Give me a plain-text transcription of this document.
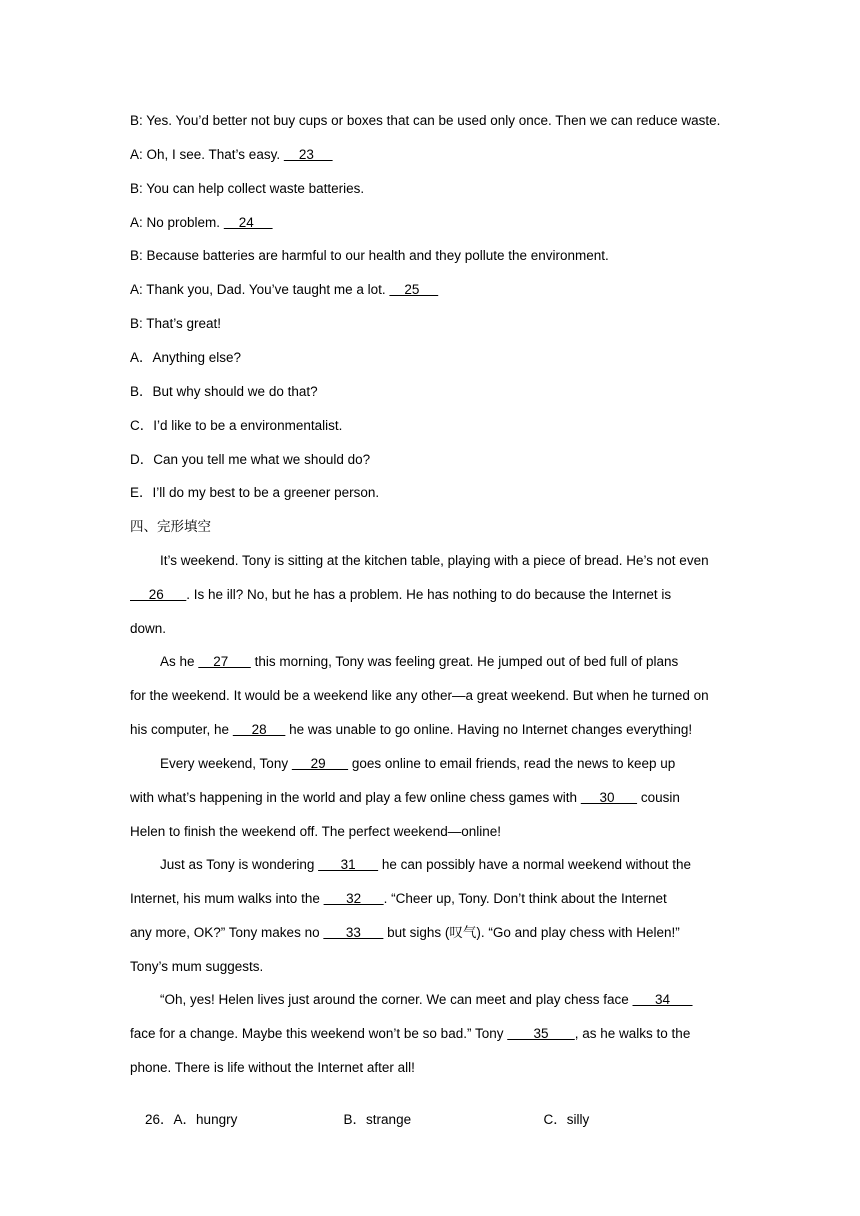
B: Yes. You’d better not buy cups or boxes that can be used only once. Then we can reduce waste.
A: Oh, I see. That’s easy.     23
B: You can help collect waste batteries.
A: No problem.     24
B: Because batteries are harmful to our health and they pollute the environment.
A: Thank you, Dad. You’ve taught me a lot.     25
B: That’s great!
A．Anything else?
B．But why should we do that?
C．I’d like to be a environmentalist.
D．Can you tell me what we should do?
E．I’ll do my best to be a greener person.
四、完形填空
It’s weekend. Tony is sitting at the kitchen table, playing with a piece of bread. He’s not even
26      . Is he ill? No, but he has a problem. He has nothing to do because the Internet is
down.
As he     27       this morning, Tony was feeling great. He jumped out of bed full of plans
for the weekend. It would be a weekend like any other—a great weekend. But when he turned on
his computer, he      28      he was unable to go online. Having no Internet changes everything!
Every weekend, Tony      29       goes online to email friends, read the news to keep up
with what’s happening in the world and play a few online chess games with      30       cousin
Helen to finish the weekend off. The perfect weekend—online!
Just as Tony is wondering       31       he can possibly have a normal weekend without the
Internet, his mum walks into the       32      . “Cheer up, Tony. Don’t think about the Internet
any more, OK?” Tony makes no       33       but sighs (叹气). “Go and play chess with Helen!”
Tony’s mum suggests.
“Oh, yes! Helen lives just around the corner. We can meet and play chess face       34
face for a change. Maybe this weekend won’t be so bad.” Tony        35       , as he walks to the
phone. There is life without the Internet after all!

26．A．hungry	B．strange	C．silly
